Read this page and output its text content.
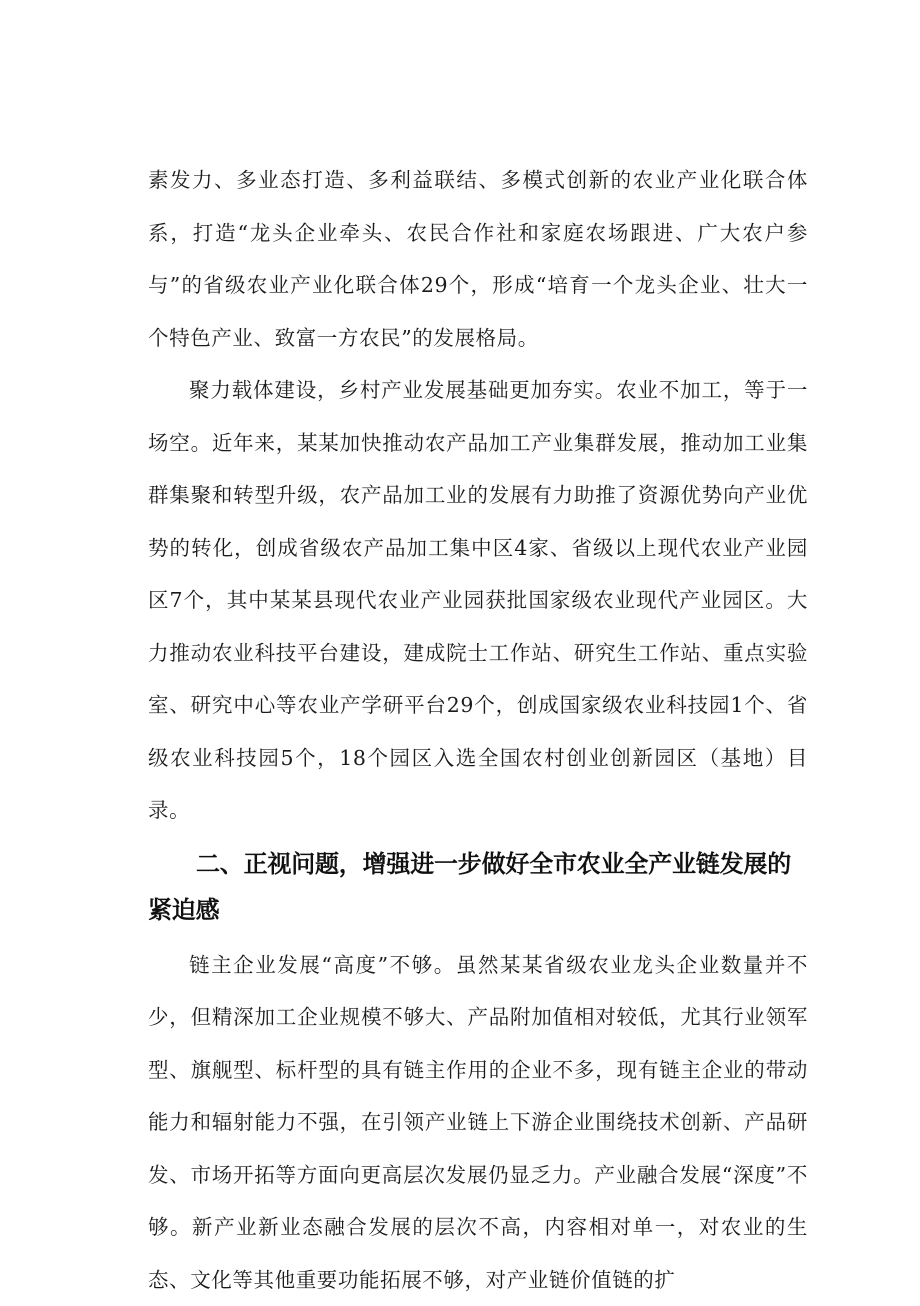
素发力、多业态打造、多利益联结、多模式创新的农业产业化联合体系，打造“龙头企业牵头、农民合作社和家庭农场跟进、广大农户参与”的省级农业产业化联合体29个，形成“培育一个龙头企业、壮大一个特色产业、致富一方农民”的发展格局。

聚力载体建设，乡村产业发展基础更加夯实。农业不加工，等于一场空。近年来，某某加快推动农产品加工产业集群发展，推动加工业集群集聚和转型升级，农产品加工业的发展有力助推了资源优势向产业优势的转化，创成省级农产品加工集中区4家、省级以上现代农业产业园区7个，其中某某县现代农业产业园获批国家级农业现代产业园区。大力推动农业科技平台建设，建成院士工作站、研究生工作站、重点实验室、研究中心等农业产学研平台29个，创成国家级农业科技园1个、省级农业科技园5个，18个园区入选全国农村创业创新园区（基地）目录。

二、正视问题，增强进一步做好全市农业全产业链发展的紧迫感

链主企业发展“高度”不够。虽然某某省级农业龙头企业数量并不少，但精深加工企业规模不够大、产品附加值相对较低，尤其行业领军型、旗舰型、标杆型的具有链主作用的企业不多，现有链主企业的带动能力和辐射能力不强，在引领产业链上下游企业围绕技术创新、产品研发、市场开拓等方面向更高层次发展仍显乏力。产业融合发展“深度”不够。新产业新业态融合发展的层次不高，内容相对单一，对农业的生态、文化等其他重要功能拓展不够，对产业链价值链的扩
